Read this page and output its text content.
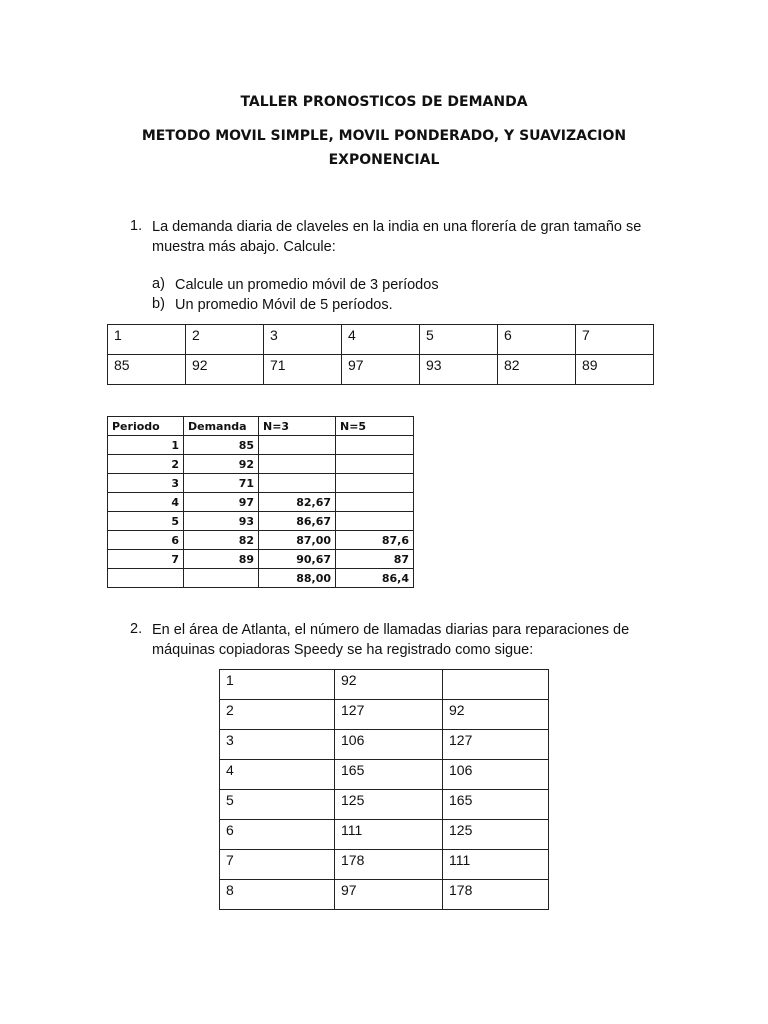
TALLER PRONOSTICOS DE DEMANDA
METODO MOVIL SIMPLE, MOVIL PONDERADO, Y SUAVIZACION
EXPONENCIAL
1. La demanda diaria de claveles en la india en una florería de gran tamaño se
muestra más abajo. Calcule:
a) Calcule un promedio móvil de 3 períodos
b) Un promedio Móvil de 5 períodos.
1	2	3	4	5	6	7
85	92	71	97	93	82	89
Periodo	Demanda	N=3	N=5
1	85		
2	92		
3	71		
4	97	82,67	
5	93	86,67	
6	82	87,00	87,6
7	89	90,67	87
		88,00	86,4
2. En el área de Atlanta, el número de llamadas diarias para reparaciones de
máquinas copiadoras Speedy se ha registrado como sigue:
1	92	
2	127	92
3	106	127
4	165	106
5	125	165
6	111	125
7	178	111
8	97	178
